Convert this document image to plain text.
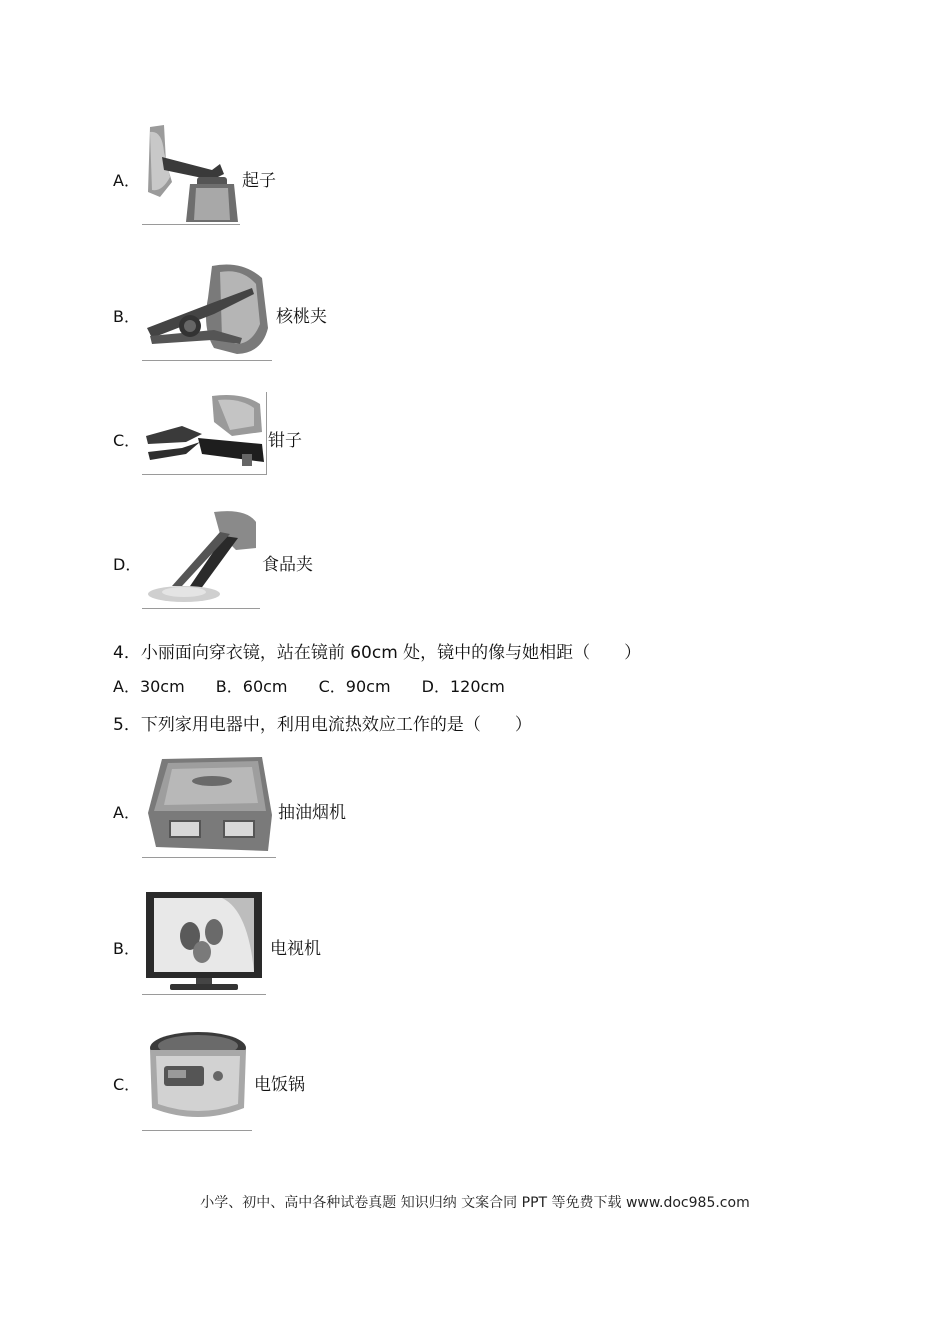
A．	起子
B．	核桃夹
C．	钳子
D．	食品夹
4．小丽面向穿衣镜，站在镜前 60cm 处，镜中的像与她相距（　　）
A．30cm B．60cm C．90cm D．120cm
5．下列家用电器中，利用电流热效应工作的是（　　）
A．	抽油烟机
B．	电视机
C．	电饭锅
小学、初中、高中各种试卷真题 知识归纳 文案合同 PPT 等免费下载 www.doc985.com
